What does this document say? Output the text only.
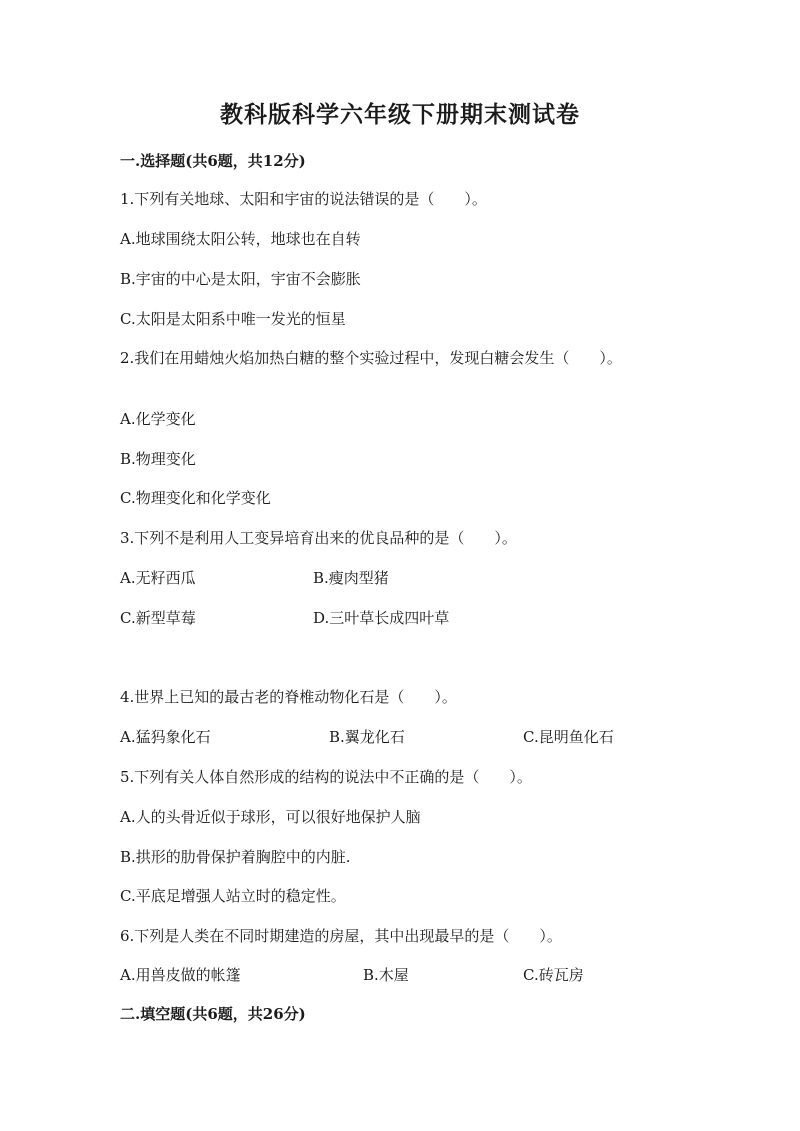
教科版科学六年级下册期末测试卷
一.选择题(共6题，共12分)
1.下列有关地球、太阳和宇宙的说法错误的是（　　）。
A.地球围绕太阳公转，地球也在自转
B.宇宙的中心是太阳，宇宙不会膨胀
C.太阳是太阳系中唯一发光的恒星
2.我们在用蜡烛火焰加热白糖的整个实验过程中，发现白糖会发生（　　）。
A.化学变化
B.物理变化
C.物理变化和化学变化
3.下列不是利用人工变异培育出来的优良品种的是（　　）。
A.无籽西瓜	B.瘦肉型猪
C.新型草莓	D.三叶草长成四叶草
4.世界上已知的最古老的脊椎动物化石是（　　）。
A.猛犸象化石	B.翼龙化石	C.昆明鱼化石
5.下列有关人体自然形成的结构的说法中不正确的是（　　）。
A.人的头骨近似于球形，可以很好地保护人脑
B.拱形的肋骨保护着胸腔中的内脏.
C.平底足增强人站立时的稳定性。
6.下列是人类在不同时期建造的房屋，其中出现最早的是（　　）。
A.用兽皮做的帐篷	B.木屋	C.砖瓦房
二.填空题(共6题，共26分)
